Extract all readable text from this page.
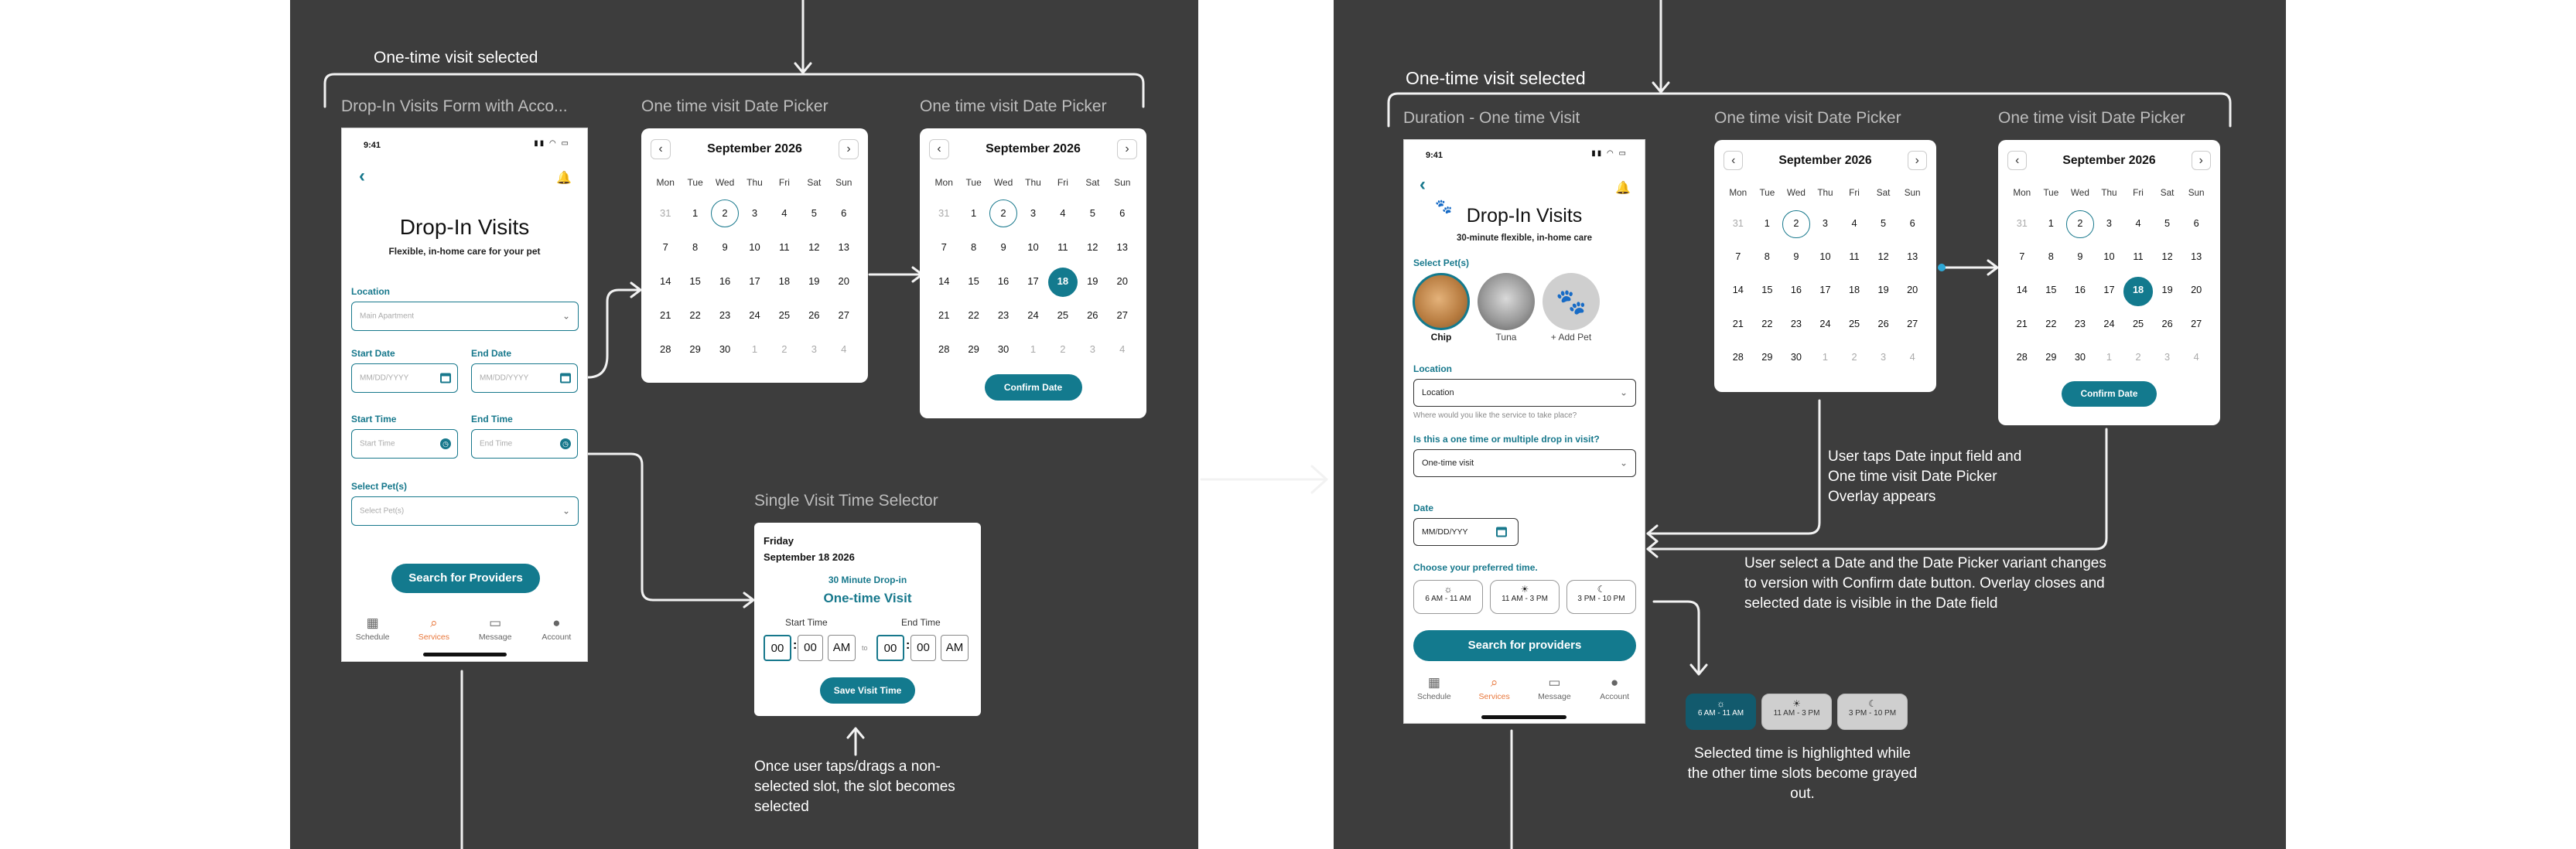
One-time visit selected
One-time visit selected
User taps Date input field and One time visit Date Picker Overlay appears
User select a Date and the Date Picker variant changes to version with Confirm date button. Overlay closes and selected date is visible in the Date field
Once user taps/drags a non-selected slot, the slot becomes selected
Selected time is highlighted while the other time slots become grayed out.
Drop-In Visits Form with Acco...	One time visit Date Picker	One time visit Date Picker
Single Visit Time Selector
Duration - One time Visit	One time visit Date Picker	One time visit Date Picker
9:41	▮▮ ◠ ▭
‹	🔔
Drop-In Visits
Flexible, in-home care for your pet
Location
Main Apartment	⌄
Start Date
MM/DD/YYYY
End Date
MM/DD/YYYY
Start Time
Start Time	◷
End Time
End Time	◷
Select Pet(s)
Select Pet(s)	⌄
Search for Providers
▦
Schedule
⌕
Services
▭
Message
●
Account
‹	›
September 2026
Mon	Tue	Wed	Thu	Fri	Sat	Sun
31	1	2	3	4	5	6
7	8	9	10	11	12	13
14	15	16	17	18	19	20
21	22	23	24	25	26	27
28	29	30	1	2	3	4
‹	›
September 2026
Mon	Tue	Wed	Thu	Fri	Sat	Sun
31	1	2	3	4	5	6
7	8	9	10	11	12	13
14	15	16	17	18	19	20
21	22	23	24	25	26	27
28	29	30	1	2	3	4
Confirm Date
‹	›
September 2026
Mon	Tue	Wed	Thu	Fri	Sat	Sun
31	1	2	3	4	5	6
7	8	9	10	11	12	13
14	15	16	17	18	19	20
21	22	23	24	25	26	27
28	29	30	1	2	3	4
‹	›
September 2026
Mon	Tue	Wed	Thu	Fri	Sat	Sun
31	1	2	3	4	5	6
7	8	9	10	11	12	13
14	15	16	17	18	19	20
21	22	23	24	25	26	27
28	29	30	1	2	3	4
Confirm Date
Friday
September 18 2026
30 Minute Drop-in
One-time Visit
Start Time	End Time
00 : 00	AM	to	00 : 00	AM
Save Visit Time
9:41	▮▮ ◠ ▭
‹	🔔
🐾 Drop-In Visits
30-minute flexible, in-home care
Select Pet(s)
Chip	Tuna
🐾
+ Add Pet
Location
Location	⌄
Where would you like the service to take place?
Is this a one time or multiple drop in visit?
One-time visit	⌄
Date
MM/DD/YYY
Choose your preferred time.
☼
6 AM - 11 AM
☀
11 AM - 3 PM
☾
3 PM - 10 PM
Search for providers
▦
Schedule
⌕
Services
▭
Message
●
Account
☼
6 AM - 11 AM
☀
11 AM - 3 PM
☾
3 PM - 10 PM
